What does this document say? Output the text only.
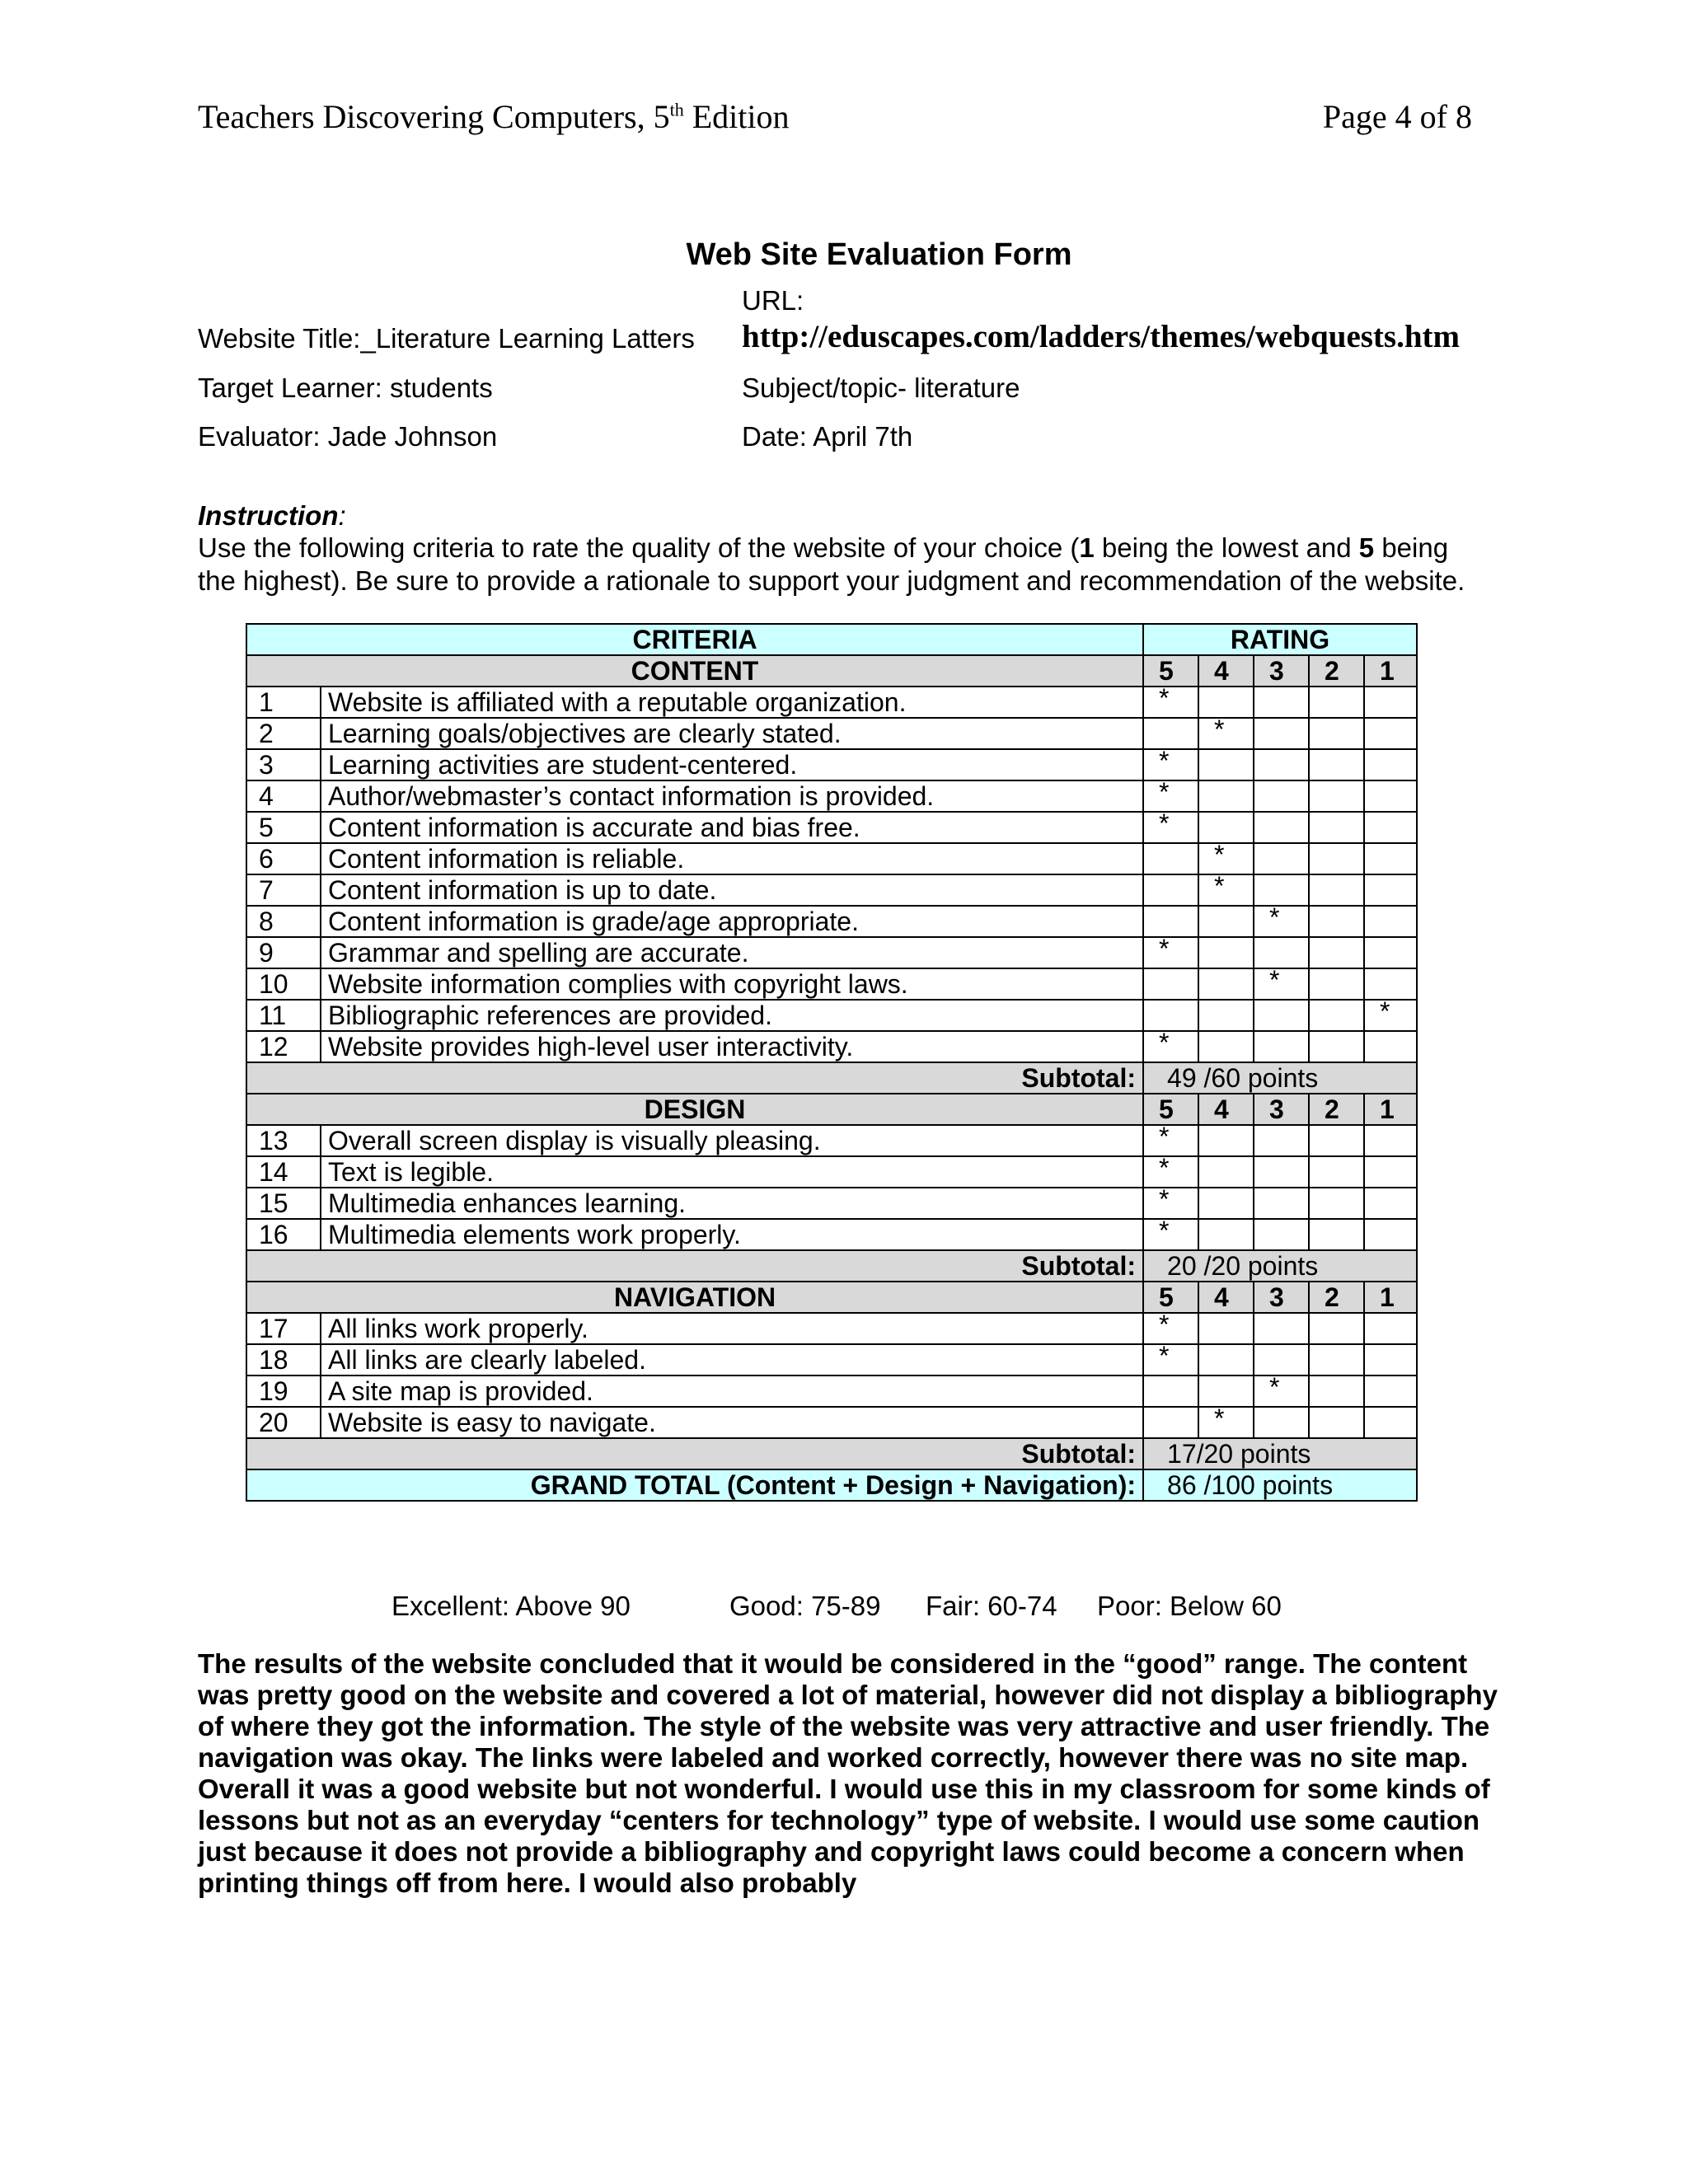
Teachers Discovering Computers, 5th Edition	Page 4 of 8
Web Site Evaluation Form
Website Title:_Literature Learning Latters
URL:
http://eduscapes.com/ladders/themes/webquests.htm
Target Learner: students	Subject/topic- literature
Evaluator: Jade Johnson	Date: April 7th
Instruction:
Use the following criteria to rate the quality of the website of your choice (1 being the lowest and 5 being the highest). Be sure to provide a rationale to support your judgment and recommendation of the website.
CRITERIA		RATING				
CONTENT		5	4	3	2	1
1	Website is affiliated with a reputable organization.	*				
2	Learning goals/objectives are clearly stated.		*			
3	Learning activities are student-centered.	*				
4	Author/webmaster’s contact information is provided.	*				
5	Content information is accurate and bias free.	*				
6	Content information is reliable.		*			
7	Content information is up to date.		*			
8	Content information is grade/age appropriate.			*		
9	Grammar and spelling are accurate.	*				
10	Website information complies with copyright laws.			*		
11	Bibliographic references are provided.					*
12	Website provides high-level user interactivity.	*				
Subtotal:		49 /60 points				
DESIGN		5	4	3	2	1
13	Overall screen display is visually pleasing.	*				
14	Text is legible.	*				
15	Multimedia enhances learning.	*				
16	Multimedia elements work properly.	*				
Subtotal:		20 /20 points				
NAVIGATION		5	4	3	2	1
17	All links work properly.	*				
18	All links are clearly labeled.	*				
19	A site map is provided.			*		
20	Website is easy to navigate.		*			
Subtotal:		17/20 points				
GRAND TOTAL (Content + Design + Navigation):		86 /100 points				
Excellent: Above 90	Good: 75-89 Fair: 60-74 Poor: Below 60
The results of the website concluded that it would be considered in the “good” range. The content was pretty good on the website and covered a lot of material, however did not display a bibliography of where they got the information. The style of the website was very attractive and user friendly. The navigation was okay. The links were labeled and worked correctly, however there was no site map. Overall it was a good website but not wonderful. I would use this in my classroom for some kinds of lessons but not as an everyday “centers for technology” type of website. I would use some caution just because it does not provide a bibliography and copyright laws could become a concern when printing things off from here. I would also probably
